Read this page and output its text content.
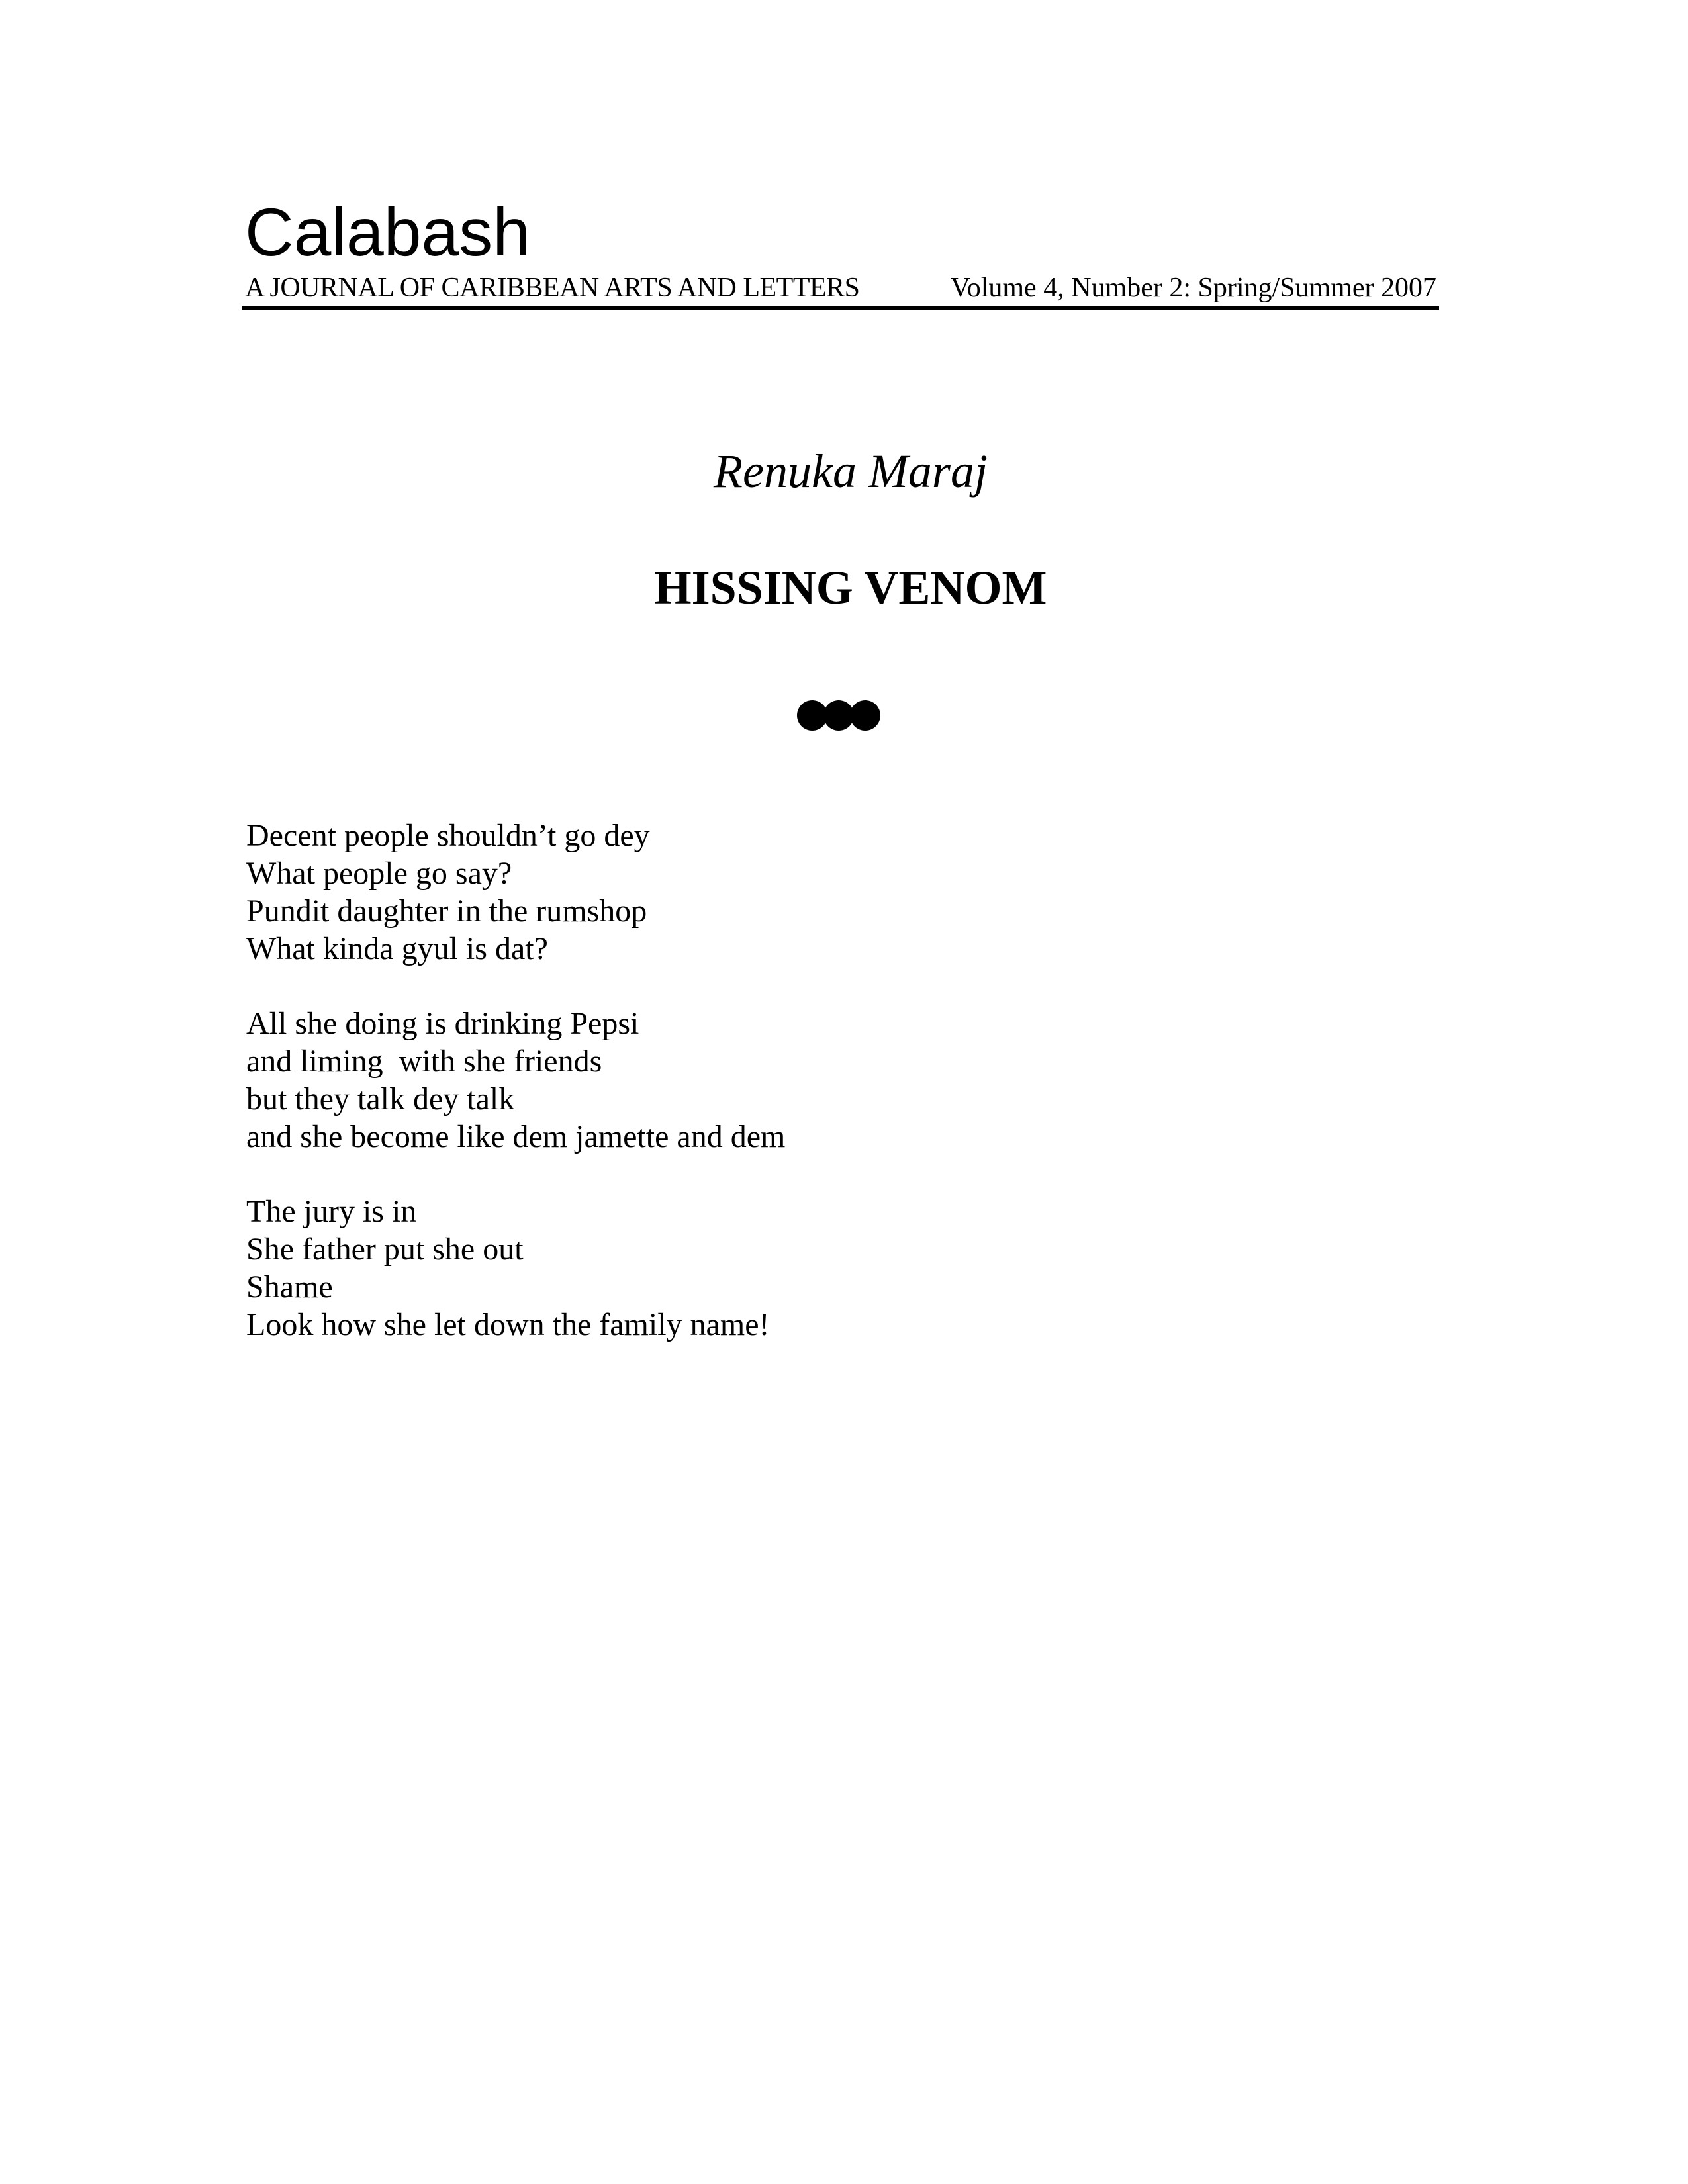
Calabash
A JOURNAL OF CARIBBEAN ARTS AND LETTERS	Volume 4, Number 2: Spring/Summer 2007
Renuka Maraj
HISSING VENOM
Decent people shouldn’t go dey
What people go say?
Pundit daughter in the rumshop
What kinda gyul is dat?
All she doing is drinking Pepsi
and liming  with she friends
but they talk dey talk
and she become like dem jamette and dem
The jury is in
She father put she out
Shame
Look how she let down the family name!
